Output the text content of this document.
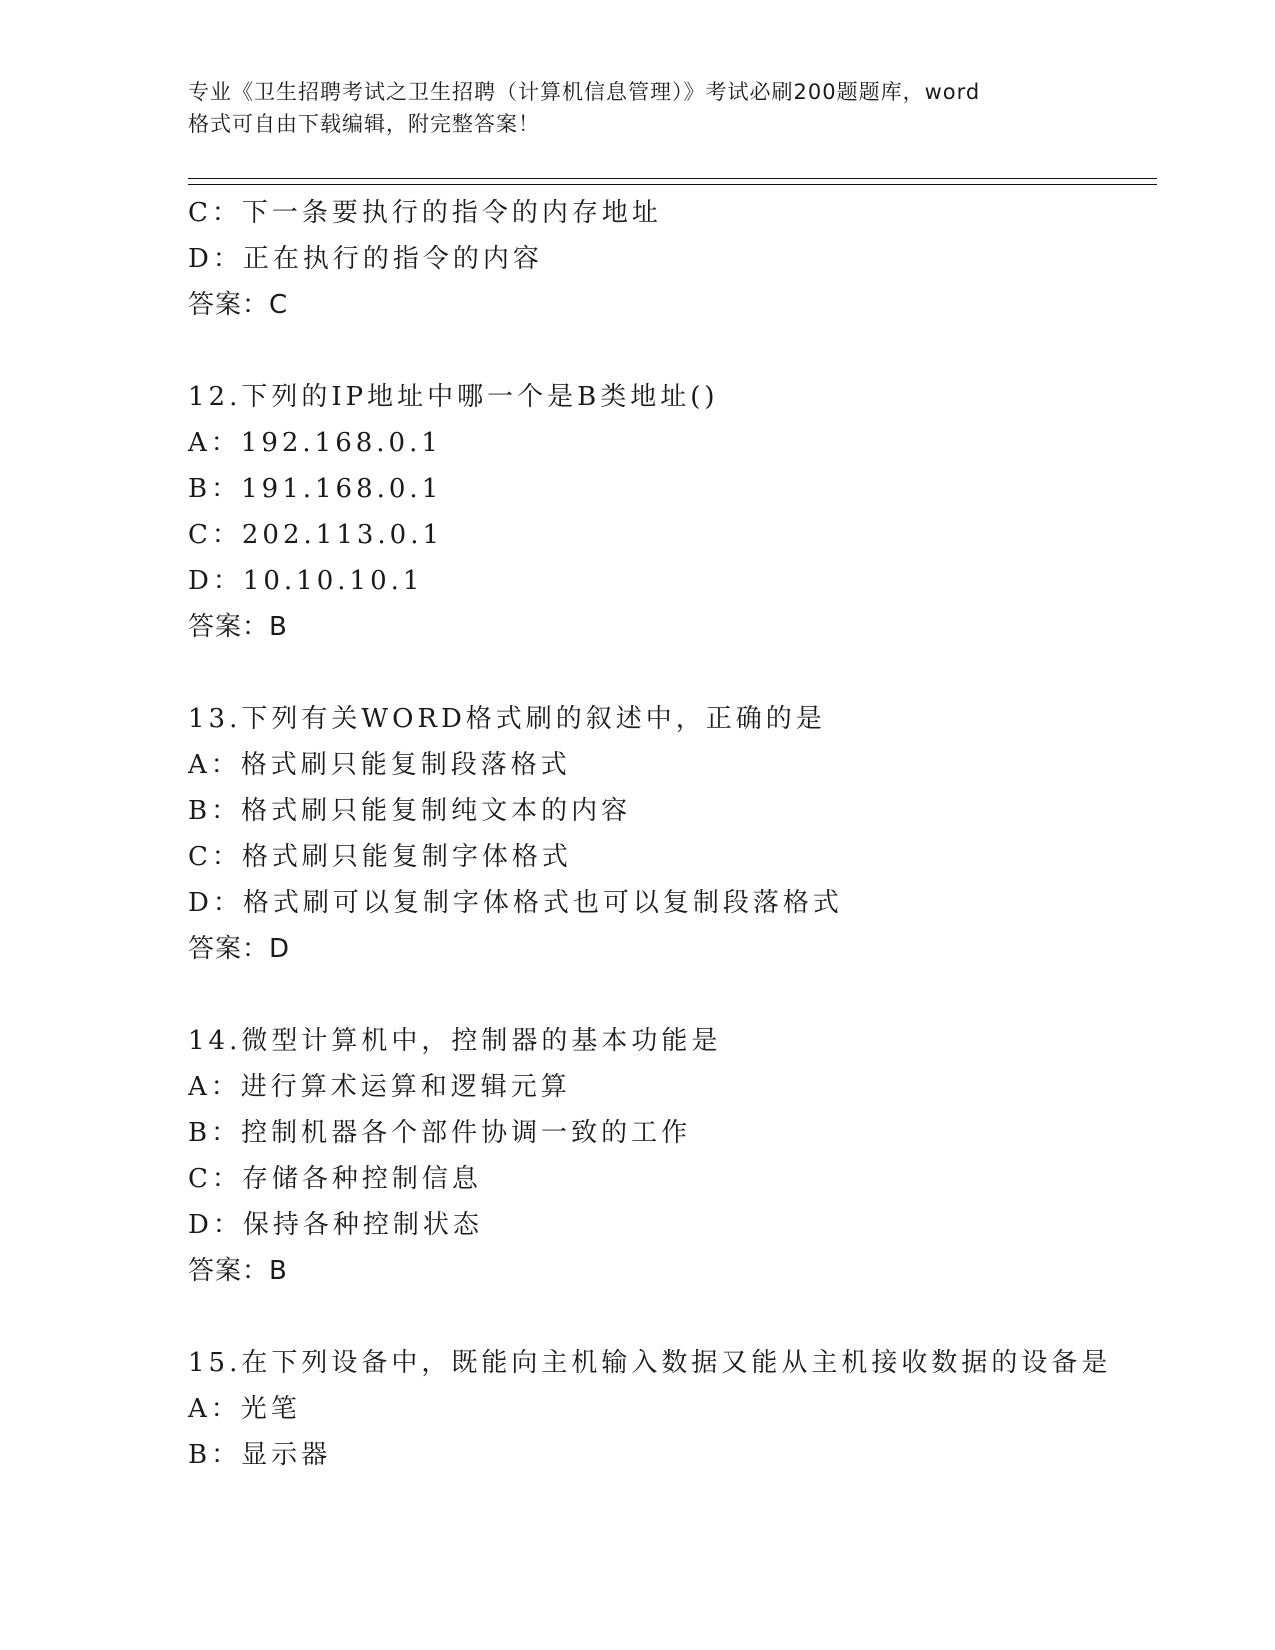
专业《卫生招聘考试之卫生招聘（计算机信息管理）》考试必刷200题题库，word
格式可自由下载编辑，附完整答案！
C：下一条要执行的指令的内存地址
D：正在执行的指令的内容
答案：C
12.下列的IP地址中哪一个是B类地址()
A：192.168.0.1
B：191.168.0.1
C：202.113.0.1
D：10.10.10.1
答案：B
13.下列有关WORD格式刷的叙述中，正确的是
A：格式刷只能复制段落格式
B：格式刷只能复制纯文本的内容
C：格式刷只能复制字体格式
D：格式刷可以复制字体格式也可以复制段落格式
答案：D
14.微型计算机中，控制器的基本功能是
A：进行算术运算和逻辑元算
B：控制机器各个部件协调一致的工作
C：存储各种控制信息
D：保持各种控制状态
答案：B
15.在下列设备中，既能向主机输入数据又能从主机接收数据的设备是
A：光笔
B：显示器
